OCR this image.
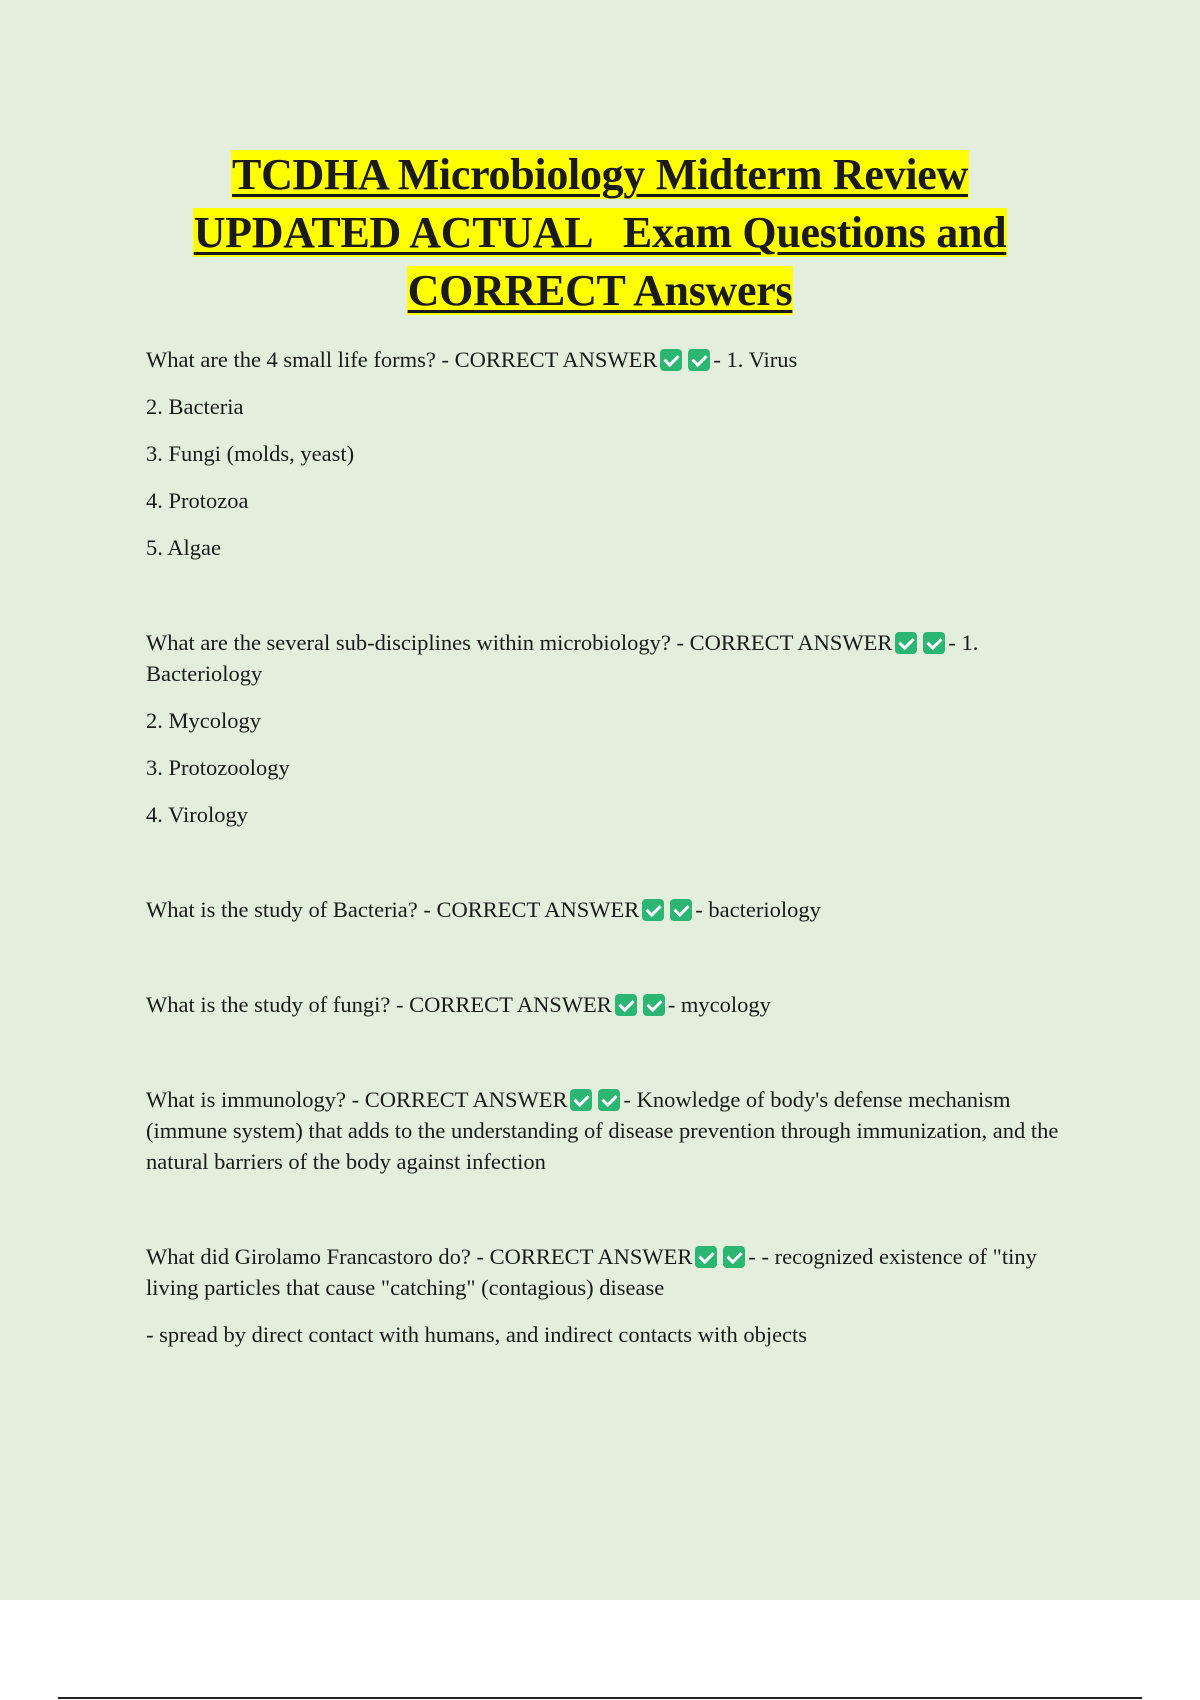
TCDHA Microbiology Midterm Review
UPDATED ACTUAL   Exam Questions and
CORRECT Answers

What are the 4 small life forms? - CORRECT ANSWER - 1. Virus

2. Bacteria

3. Fungi (molds, yeast)

4. Protozoa

5. Algae

What are the several sub-disciplines within microbiology? - CORRECT ANSWER - 1. Bacteriology

2. Mycology

3. Protozoology

4. Virology

What is the study of Bacteria? - CORRECT ANSWER - bacteriology

What is the study of fungi? - CORRECT ANSWER - mycology

What is immunology? - CORRECT ANSWER - Knowledge of body's defense mechanism (immune system) that adds to the understanding of disease prevention through immunization, and the natural barriers of the body against infection

What did Girolamo Francastoro do? - CORRECT ANSWER - - recognized existence of "tiny living particles that cause "catching" (contagious) disease

- spread by direct contact with humans, and indirect contacts with objects
